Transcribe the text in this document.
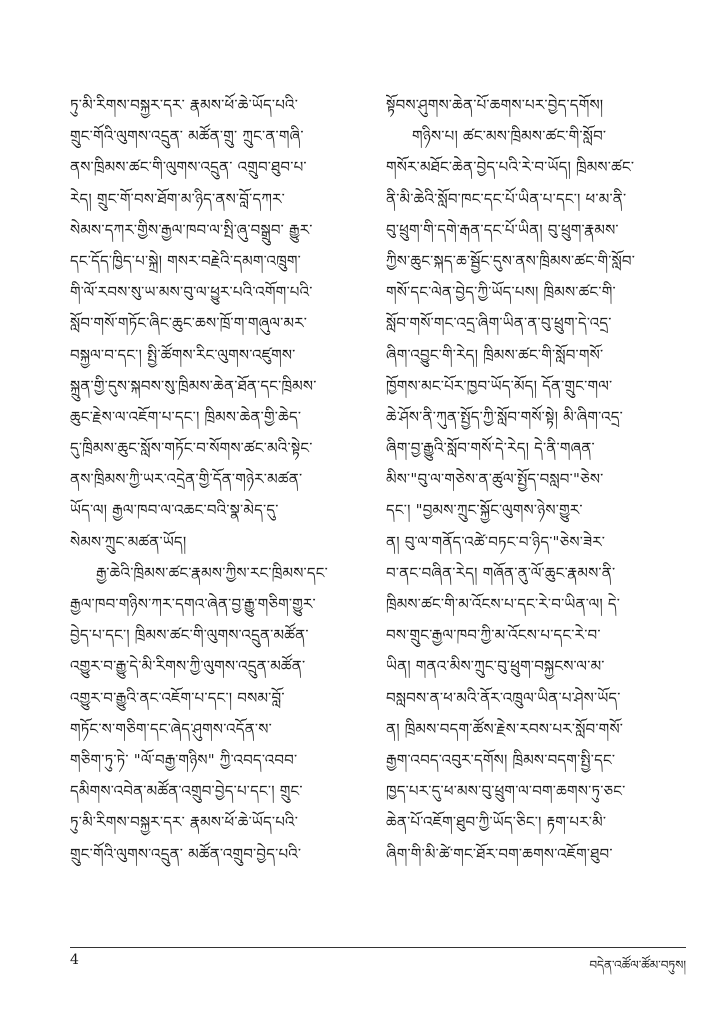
ཏུ་མི་རིགས་བསྐྱར་དར་ རྣམས་ཕོ་ཆེ་ཡོད་པའི་
གྲུང་གོའི་ལུགས་འདྲུན་ མཚོན་གྲུ་ ཀྲུང་ན་གཞི་
ནས་ཁྲིམས་ཚང་གི་ལུགས་འདྲུན་ འགྲུབ་ཐུབ་པ་
རེད། གྲུང་གོ་བས་ཐོག་མ་ཉིད་ནས་བློ་དཀར་
སེམས་དཀར་གྱིས་རྒྱལ་ཁབ་ལ་སྤི་ཞུ་བསྒྲུབ་ རྒྱུར་
དང་དོད་ཁྱིད་པ་སྐྲེ། གསར་བརྗེའི་དམག་འཁྲུག་
གི་ལོ་རབས་སུ་ཡ་མས་བུ་ལ་ཕྱུར་པའི་འགོག་པའི་
སློབ་གསོ་གཏོང་ཞིང་ཆུང་ཆས་ཁྲོ་ག་གཞུལ་མར་
བསྐྱལ་བ་དང་། སྤྱི་ཚོགས་རིང་ལུགས་འཛུགས་
སྐྲུན་གྱི་དུས་སྐབས་སུ་ཁྲིམས་ཆེན་ཐོན་དང་ཁྲིམས་
ཆུང་རྗེས་ལ་འཇོག་པ་དང་། ཁྲིམས་ཆེན་གྱི་ཆེད་
དུ་ཁྲིམས་ཆུང་སློས་གཏོང་བ་སོགས་ཚང་མའི་སྟེང་
ནས་ཁྲིམས་ཀྱི་ཡར་འདྲེན་གྱི་དོན་གཉེར་མཚན་
ཡོད་ལ། རྒྱལ་ཁབ་ལ་འཆང་བའི་སྣ་མེད་དུ་
སེམས་ཀྲུང་མཚན་ཡོད།
རྒྱ་ཆེའི་ཁྲིམས་ཚང་རྣམས་ཀྱིས་རང་ཁྲིམས་དང་
རྒྱལ་ཁབ་གཉིས་ཀར་དགའ་ཞེན་བྱ་རྒྱུ་གཅིག་གྱུར་
བྱེད་པ་དང་། ཁྲིམས་ཚང་གི་ལུགས་འདྲུན་མཚོན་
འགྱུར་བ་རྒྱུ་དེ་མི་རིགས་ཀྱི་ལུགས་འདྲུན་མཚོན་
འགྱུར་བ་རྒྱུའི་ནང་འཇོག་པ་དང་། བསམ་བློ་
གཏོང་ས་གཅིག་དང་ཞེད་ཤུགས་འདོན་ས་
གཅིག་ཏུ་ཏེ་ "ལོ་བརྒྱ་གཉིས" ཀྱི་འབད་འབབ་
དམིགས་འབེན་མཚོན་འགྲུབ་བྱེད་པ་དང་། གྲུང་
ཏུ་མི་རིགས་བསྐྱར་དར་ རྣམས་ཕོ་ཆེ་ཡོད་པའི་
གྲུང་གོའི་ལུགས་འདྲུན་ མཚོན་འགྲུབ་བྱེད་པའི་
སྟོབས་ཤུགས་ཆེན་པོ་ཆགས་པར་བྱེད་དགོས།
གཉིས་པ། ཚང་མས་ཁྲིམས་ཚང་གི་སློབ་
གསོར་མཐོང་ཆེན་བྱེད་པའི་རེ་བ་ཡོད། ཁྲིམས་ཚང་
ནི་མི་ཆེའི་སློབ་ཁང་དང་པོ་ཡིན་པ་དང་། ཕ་མ་ནི་
བུ་ཕྲུག་གི་དགེ་རྒན་དང་པོ་ཡིན། བུ་ཕྲུག་རྣམས་
ཀྱིས་ཆུང་སྐད་ཆ་སྦྱོང་དུས་ནས་ཁྲིམས་ཚང་གི་སློབ་
གསོ་དང་ལེན་བྱེད་ཀྱི་ཡོད་པས། ཁྲིམས་ཚང་གི་
སློབ་གསོ་གང་འདྲ་ཞིག་ཡིན་ན་བུ་ཕྲུག་དེ་འདྲ་
ཞིག་འབྱུང་གི་རེད། ཁྲིམས་ཚང་གི་སློབ་གསོ་
ཁྱོགས་མང་པོར་ཁྱབ་ཡོད་མོད། དོན་གྲུང་གལ་
ཆེ་ཤོས་ནི་ཀུན་སྤྱོད་ཀྱི་སློབ་གསོ་སྟེ། མི་ཞིག་འདྲ་
ཞིག་བྱ་རྒྱུའི་སློབ་གསོ་དེ་རེད། དེ་ནི་གཞན་
མིས་"བུ་ལ་གཅེས་ན་ཚུལ་སྤྱོད་བསླབ་"ཅེས་
དང་། "བྱམས་ཀྲུང་སྐྱོང་ལུགས་ཉེས་གྱུར་
ན། བུ་ལ་གནོད་འཚེ་བཏང་བ་ཉིད་"ཅེས་ཟེར་
བ་ནང་བཞིན་རེད། གཞོན་ནུ་ལོ་ཆུང་རྣམས་ནི་
ཁྲིམས་ཚང་གི་མ་འོངས་པ་དང་རེ་བ་ཡིན་ལ། དེ་
བས་གྲུང་རྒྱལ་ཁབ་ཀྱི་མ་འོངས་པ་དང་རེ་བ་
ཡིན། གནའ་མིས་ཀྲུང་བུ་ཕྲུག་བསྐྱངས་ལ་མ་
བསླབས་ན་ཕ་མའི་ནོར་འཁྲུལ་ཡིན་པ་ཤེས་ཡོད་
ན། ཁྲིམས་བདག་ཚོས་རྗེས་རབས་པར་སློབ་གསོ་
རྒྱག་འབད་འབུར་དགོས། ཁྲིམས་བདག་སྤྱི་དང་
ཁྱད་པར་དུ་ཕ་མས་བུ་ཕྲུག་ལ་བག་ཆགས་ཏུ་ཅང་
ཆེན་པོ་འཇོག་ཐུབ་ཀྱི་ཡོད་ཅིང་། རྟག་པར་མི་
ཞིག་གི་མི་ཚེ་གང་ཐོར་བག་ཆགས་འཇོག་ཐུབ་
4	བདེན་འཚོལ་ཚོམ་བཏུས།
